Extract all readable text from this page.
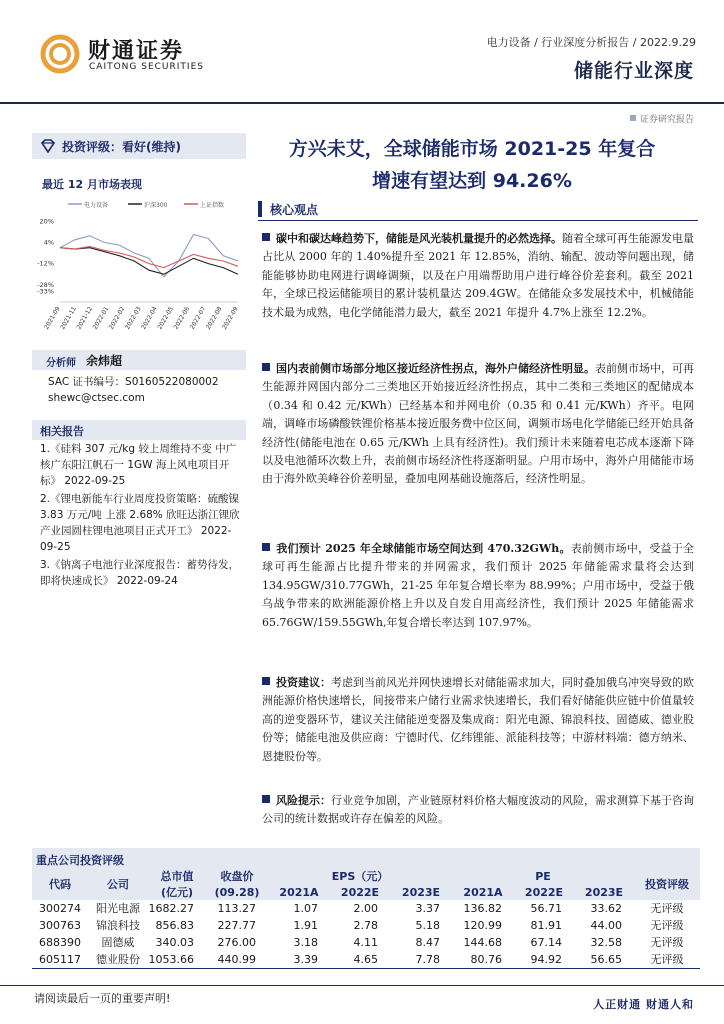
财通证券
CAITONG SECURITIES
电力设备 / 行业深度分析报告 / 2022.9.29
储能行业深度
证券研究报告
投资评级：看好(维持)
最近 12 月市场表现
电力设备	沪深300	上证指数
20%
4%
-12%
-28%
-33%
2021-09
2021-11
2021-12
2022-01
2022-02
2022-03
2022-04
2022-05
2022-06
2022-07
2022-08
2022-09
分析师 余炜超
SAC 证书编号：S0160522080002
shewc@ctsec.com
相关报告
1.《硅料 307 元/kg 较上周维持不变 中广核广东阳江帆石一 1GW 海上风电项目开标》 2022-09-25
2.《锂电新能车行业周度投资策略：硫酸镍 3.83 万元/吨 上涨 2.68% 欣旺达浙江锂欣产业园圆柱锂电池项目正式开工》 2022-09-25
3.《钠离子电池行业深度报告：蓄势待发，即将快速成长》 2022-09-24
方兴未艾，全球储能市场 2021-25 年复合
增速有望达到 94.26%
核心观点
碳中和碳达峰趋势下，储能是风光装机量提升的必然选择。随着全球可再生能源发电量占比从 2000 年的 1.40%提升至 2021 年 12.85%，消纳、输配、波动等问题出现，储能能够协助电网进行调峰调频，以及在户用端帮助用户进行峰谷价差套利。截至 2021 年，全球已投运储能项目的累计装机量达 209.4GW。在储能众多发展技术中，机械储能技术最为成熟，电化学储能潜力最大，截至 2021 年提升 4.7%上涨至 12.2%。
国内表前侧市场部分地区接近经济性拐点，海外户储经济性明显。表前侧市场中，可再生能源并网国内部分二三类地区开始接近经济性拐点，其中二类和三类地区的配储成本（0.34 和 0.42 元/KWh）已经基本和并网电价（0.35 和 0.41 元/KWh）齐平。电网端，调峰市场磷酸铁锂价格基本接近服务费中位区间，调频市场电化学储能已经开始具备经济性(储能电池在 0.65 元/KWh 上具有经济性)。我们预计未来随着电芯成本逐渐下降以及电池循环次数上升，表前侧市场经济性将逐渐明显。户用市场中，海外户用储能市场由于海外欧美峰谷价差明显，叠加电网基础设施落后，经济性明显。
我们预计 2025 年全球储能市场空间达到 470.32GWh。表前侧市场中，受益于全球可再生能源占比提升带来的并网需求，我们预计 2025 年储能需求量将会达到 134.95GW/310.77GWh，21-25 年年复合增长率为 88.99%；户用市场中，受益于俄乌战争带来的欧洲能源价格上升以及自发自用高经济性，我们预计 2025 年储能需求 65.76GW/159.55GWh,年复合增长率达到 107.97%。
投资建议：考虑到当前风光并网快速增长对储能需求加大，同时叠加俄乌冲突导致的欧洲能源价格快速增长，间接带来户储行业需求快速增长，我们看好储能供应链中价值量较高的逆变器环节，建议关注储能逆变器及集成商：阳光电源、锦浪科技、固德威、德业股份等；储能电池及供应商：宁德时代、亿纬锂能、派能科技等；中游材料端：德方纳米、恩捷股份等。
风险提示：行业竞争加剧，产业链原材料价格大幅度波动的风险，需求测算下基于咨询公司的统计数据或许存在偏差的风险。
重点公司投资评级
代码	公司	总市值	收盘价	EPS（元）			PE			投资评级
		(亿元)	(09.28)	2021A	2022E	2023E	2021A	2022E	2023E	
300274	阳光电源	1682.27	113.27	1.07	2.00	3.37	136.82	56.71	33.62	无评级
300763	锦浪科技	856.83	227.77	1.91	2.78	5.18	120.99	81.91	44.00	无评级
688390	固德威	340.03	276.00	3.18	4.11	8.47	144.68	67.14	32.58	无评级
605117	德业股份	1053.66	440.99	3.39	4.65	7.78	80.76	94.92	56.65	无评级
请阅读最后一页的重要声明!	人正财通 财通人和
